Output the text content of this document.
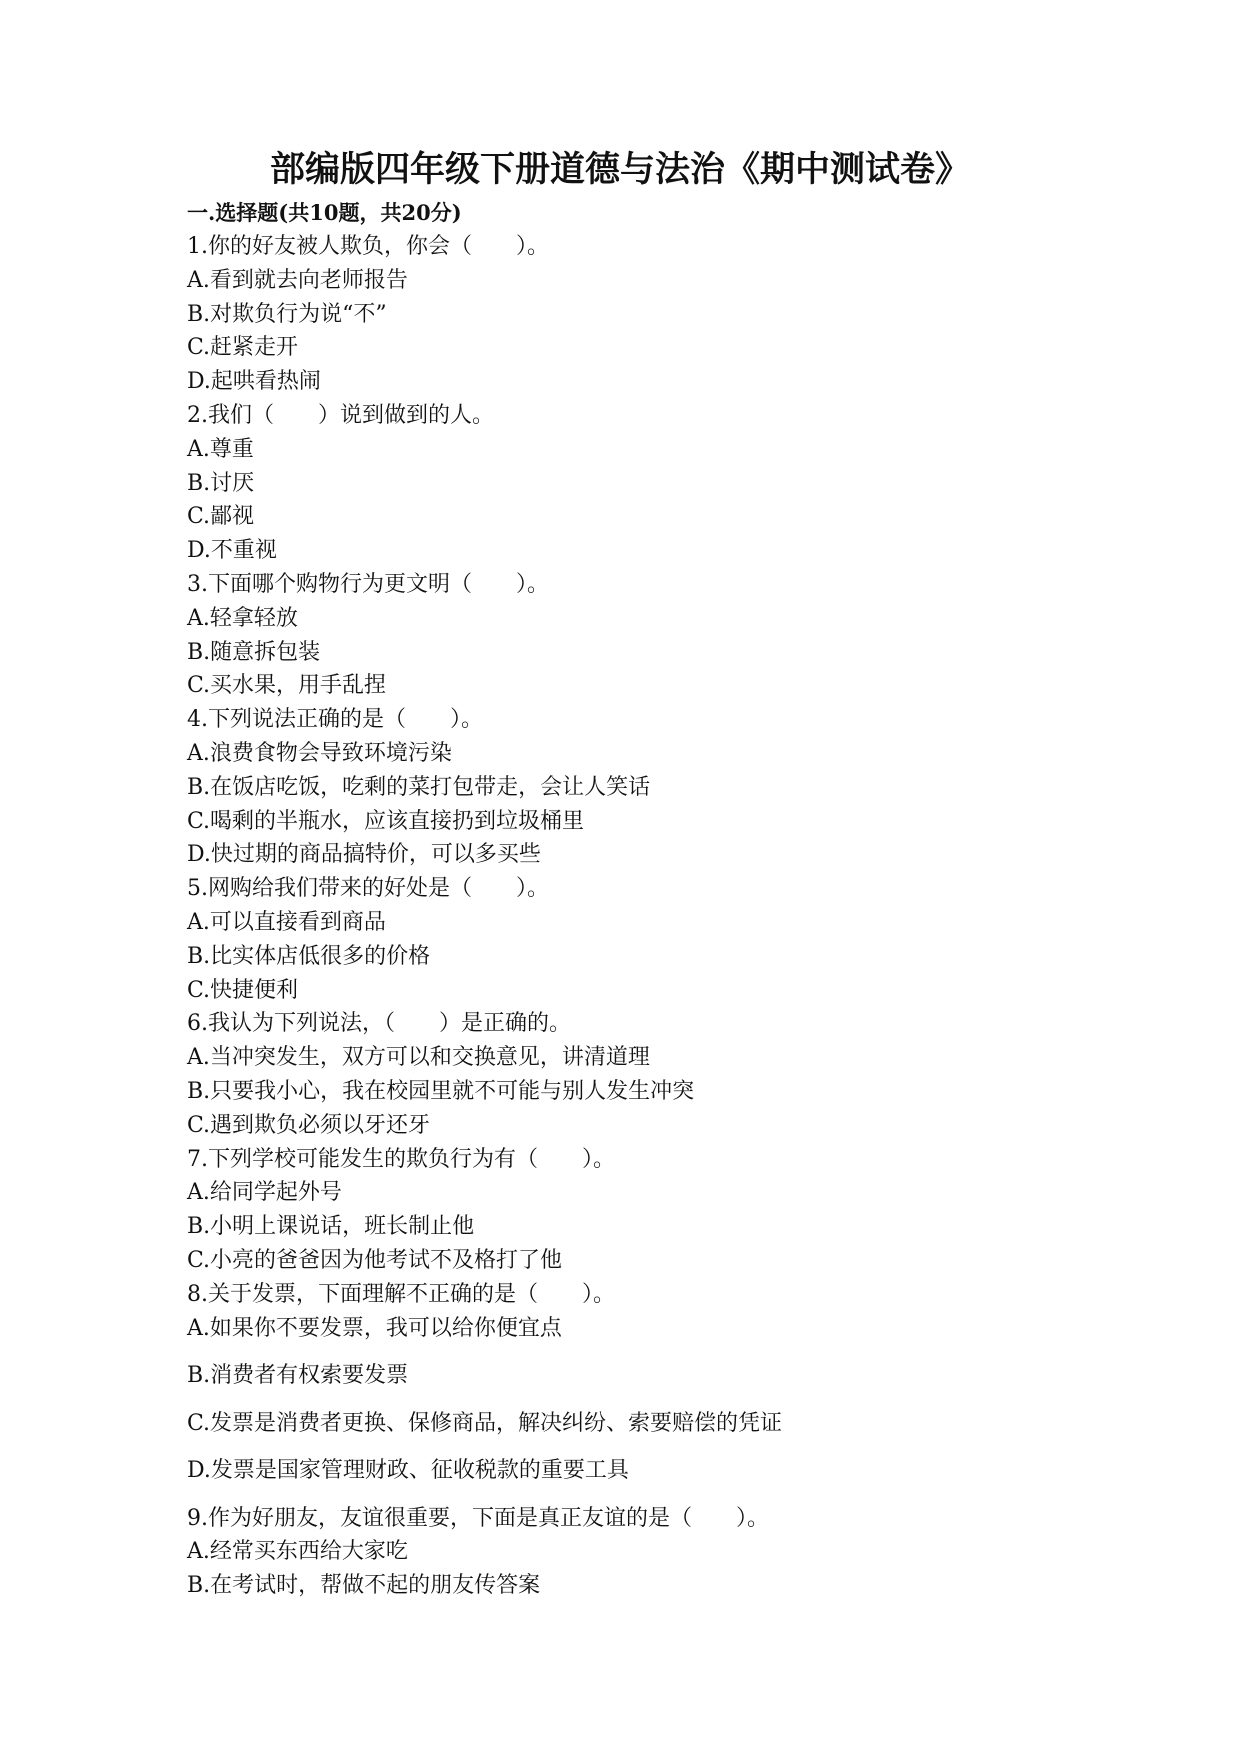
部编版四年级下册道德与法治《期中测试卷》
一.选择题(共10题，共20分)
1.你的好友被人欺负，你会（　　）。
A.看到就去向老师报告
B.对欺负行为说“不”
C.赶紧走开
D.起哄看热闹
2.我们（　　）说到做到的人。
A.尊重
B.讨厌
C.鄙视
D.不重视
3.下面哪个购物行为更文明（　　）。
A.轻拿轻放
B.随意拆包装
C.买水果，用手乱捏
4.下列说法正确的是（　　）。
A.浪费食物会导致环境污染
B.在饭店吃饭，吃剩的菜打包带走，会让人笑话
C.喝剩的半瓶水，应该直接扔到垃圾桶里
D.快过期的商品搞特价，可以多买些
5.网购给我们带来的好处是（　　）。
A.可以直接看到商品
B.比实体店低很多的价格
C.快捷便利
6.我认为下列说法，（　　）是正确的。
A.当冲突发生，双方可以和交换意见，讲清道理
B.只要我小心，我在校园里就不可能与别人发生冲突
C.遇到欺负必须以牙还牙
7.下列学校可能发生的欺负行为有（　　）。
A.给同学起外号
B.小明上课说话，班长制止他
C.小亮的爸爸因为他考试不及格打了他
8.关于发票，下面理解不正确的是（　　）。
A.如果你不要发票，我可以给你便宜点
B.消费者有权索要发票
C.发票是消费者更换、保修商品，解决纠纷、索要赔偿的凭证
D.发票是国家管理财政、征收税款的重要工具
9.作为好朋友，友谊很重要，下面是真正友谊的是（　　）。
A.经常买东西给大家吃
B.在考试时，帮做不起的朋友传答案
